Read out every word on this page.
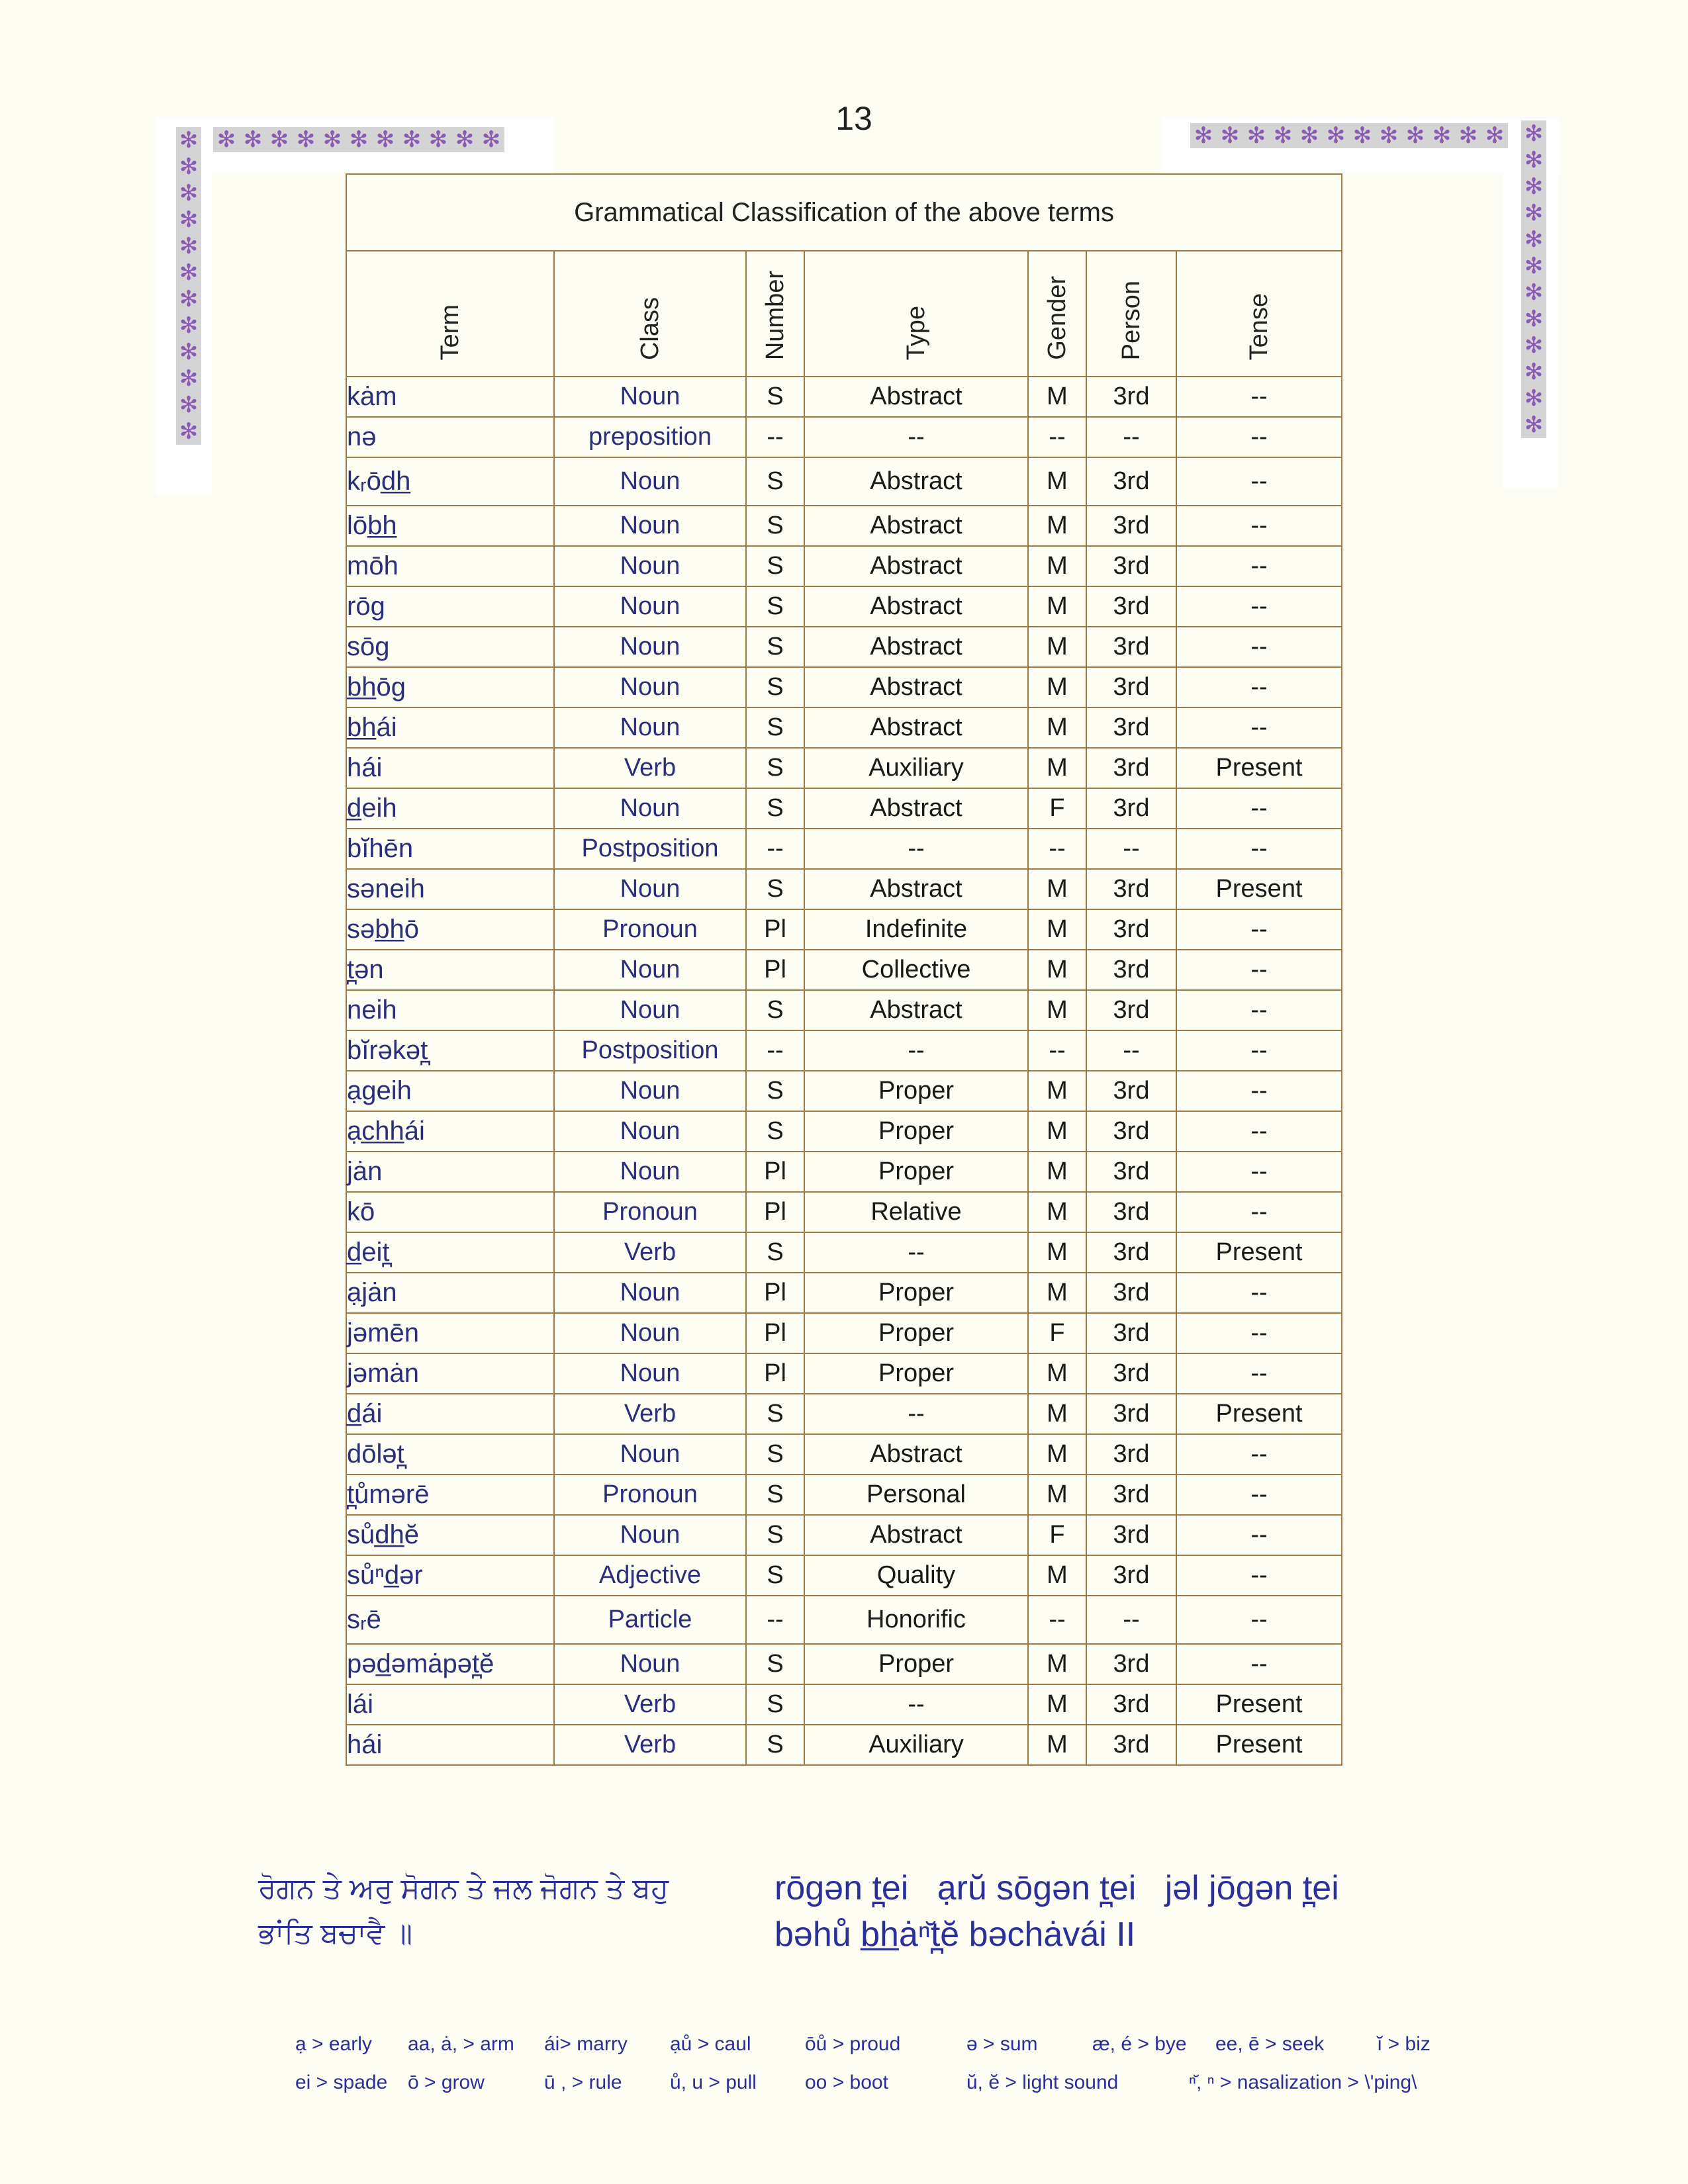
13
✻
✻
✻
✻
✻
✻
✻
✻
✻
✻
✻
✻
✻ ✻ ✻ ✻ ✻ ✻ ✻ ✻ ✻ ✻ ✻	✻ ✻ ✻ ✻ ✻ ✻ ✻ ✻ ✻ ✻ ✻ ✻ ✻
✻
✻
✻
✻
✻
✻
✻
✻
✻
✻
✻
Grammatical Classification of the above terms						

Term	Class	Number	Type	Gender	Person	Tense

kȧm	Noun	S	Abstract	M	3rd	--
nə	preposition	--	--	--	--	--
kᵣōd̲h̲	Noun	S	Abstract	M	3rd	--
lōb̲h̲	Noun	S	Abstract	M	3rd	--
mōh	Noun	S	Abstract	M	3rd	--
rōg	Noun	S	Abstract	M	3rd	--
sōg	Noun	S	Abstract	M	3rd	--
b̲h̲ōg	Noun	S	Abstract	M	3rd	--
b̲h̲ái	Noun	S	Abstract	M	3rd	--
hái	Verb	S	Auxiliary	M	3rd	Present
d̲eih	Noun	S	Abstract	F	3rd	--
bĭhēn	Postposition	--	--	--	--	--
səneih	Noun	S	Abstract	M	3rd	Present
səb̲h̲ō	Pronoun	Pl	Indefinite	M	3rd	--
t̪ən	Noun	Pl	Collective	M	3rd	--
neih	Noun	S	Abstract	M	3rd	--
bĭrəkət̪	Postposition	--	--	--	--	--
ạgeih	Noun	S	Proper	M	3rd	--
ạc̲h̲h̲ái	Noun	S	Proper	M	3rd	--
jȧn	Noun	Pl	Proper	M	3rd	--
kō	Pronoun	Pl	Relative	M	3rd	--
d̲eit̪	Verb	S	--	M	3rd	Present
ạjȧn	Noun	Pl	Proper	M	3rd	--
jəmēn	Noun	Pl	Proper	F	3rd	--
jəmȧn	Noun	Pl	Proper	M	3rd	--
d̲ái	Verb	S	--	M	3rd	Present
dōlət̪	Noun	S	Abstract	M	3rd	--
t̪ůmərē	Pronoun	S	Personal	M	3rd	--
sůd̲h̲ĕ	Noun	S	Abstract	F	3rd	--
sůⁿd̲ər	Adjective	S	Quality	M	3rd	--
sᵣē	Particle	--	Honorific	--	--	--
pəd̲əmȧpət̪ĕ	Noun	S	Proper	M	3rd	--
lái	Verb	S	--	M	3rd	Present
hái	Verb	S	Auxiliary	M	3rd	Present
ਰੋਗਨ ਤੇ ਅਰੁ ਸੋਗਨ ਤੇ ਜਲ ਜੋਗਨ ਤੇ ਬਹੁ
ਭਾਂਤਿ ਬਚਾਵੈ ॥
rōgən t̪ei   ạrŭ sōgən t̪ei   jəl jōgən t̪ei
bəhů b̲h̲ȧⁿ̆t̪ĕ bəchȧvái II
ạ > early aa, ȧ, > arm ái> marry ạů > caul	ōů > proud	ə > sum	æ, é > bye ee, ē > seek	ĭ > biz
ei > spade ō > grow	ū , > rule ů, u > pull oo > boot	ŭ, ĕ > light sound	ⁿ̆, ⁿ > nasalization > \'ping\
